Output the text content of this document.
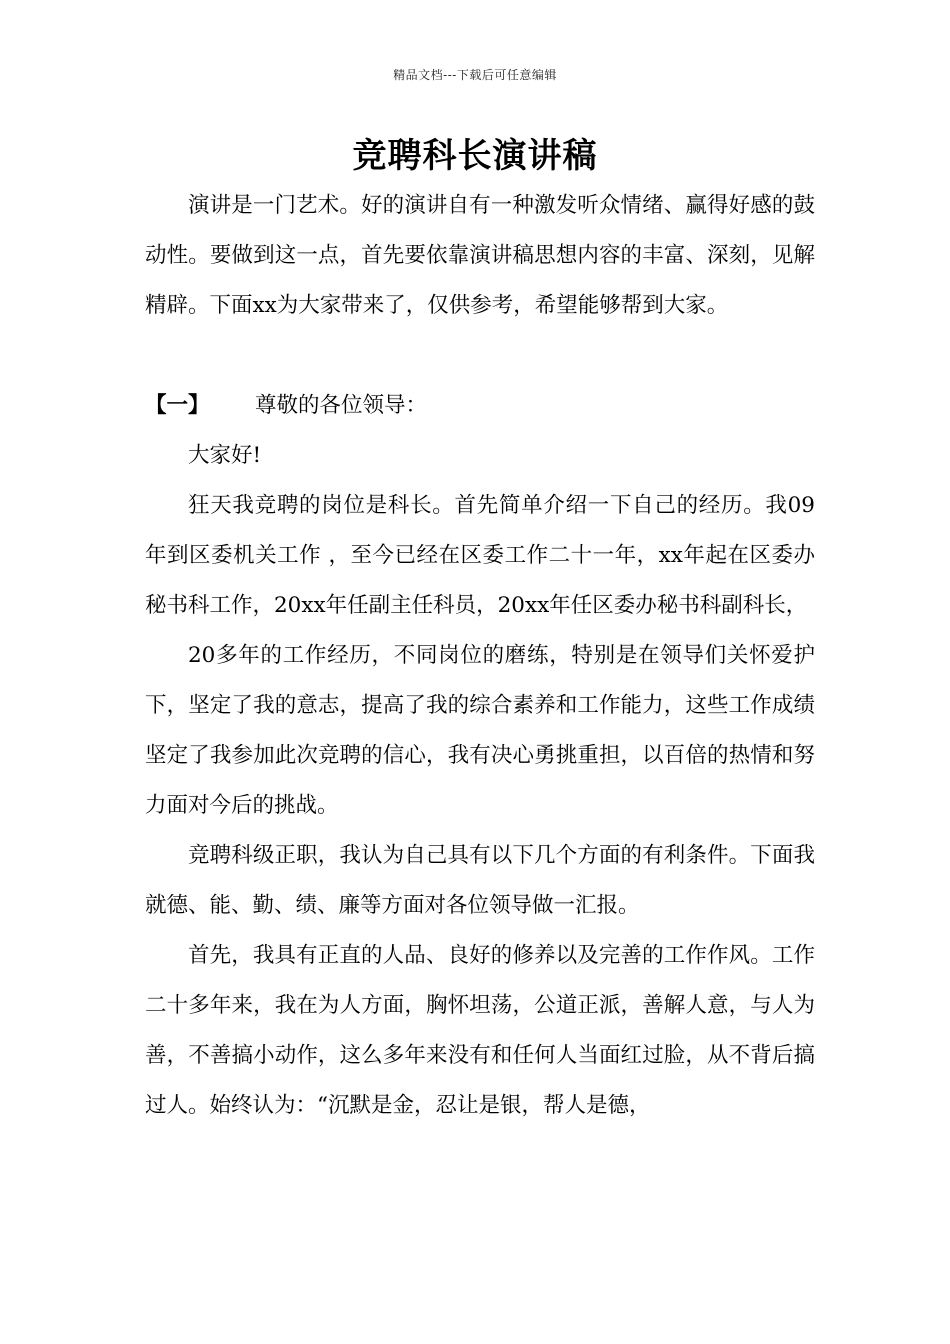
精品文档---下载后可任意编辑
竞聘科长演讲稿

演讲是一门艺术。好的演讲自有一种激发听众情绪、赢得好感的鼓动性。要做到这一点，首先要依靠演讲稿思想内容的丰富、深刻，见解精辟。下面xx为大家带来了，仅供参考，希望能够帮到大家。

【一】	尊敬的各位领导：

大家好!

狂天我竞聘的岗位是科长。首先简单介绍一下自己的经历。我09年到区委机关工作 ，至今已经在区委工作二十一年，xx年起在区委办秘书科工作，20xx年任副主任科员，20xx年任区委办秘书科副科长，

20多年的工作经历，不同岗位的磨练，特别是在领导们关怀爱护下，坚定了我的意志，提高了我的综合素养和工作能力，这些工作成绩坚定了我参加此次竞聘的信心，我有决心勇挑重担，以百倍的热情和努力面对今后的挑战。

竞聘科级正职，我认为自己具有以下几个方面的有利条件。下面我就德、能、勤、绩、廉等方面对各位领导做一汇报。

首先，我具有正直的人品、良好的修养以及完善的工作作风。工作二十多年来，我在为人方面，胸怀坦荡，公道正派，善解人意，与人为善，不善搞小动作，这么多年来没有和任何人当面红过脸，从不背后搞过人。始终认为：“沉默是金，忍让是银，帮人是德，
